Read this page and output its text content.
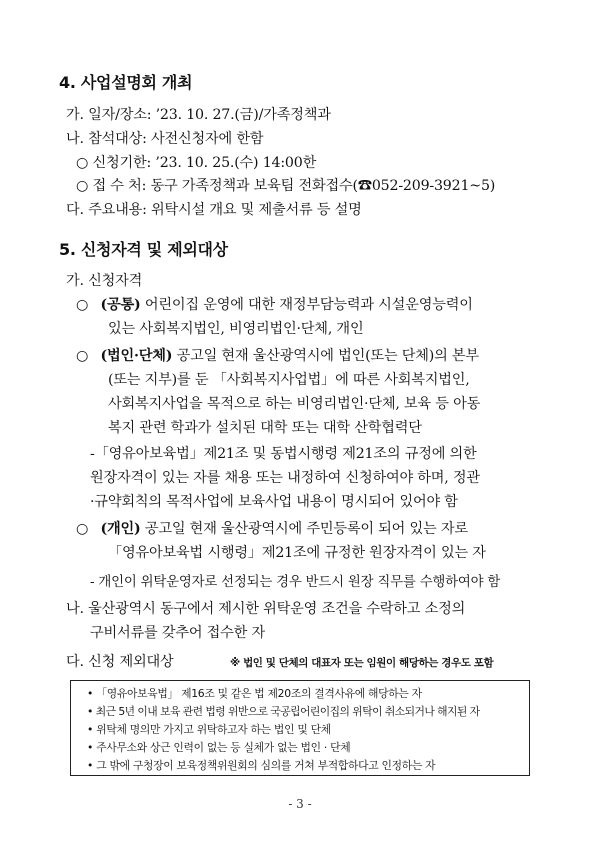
4. 사업설명회 개최
가. 일자/장소: ’23. 10. 27.(금)/가족정책과
나. 참석대상: 사전신청자에 한함
○ 신청기한: ’23. 10. 25.(수) 14:00한
○ 접 수 처: 동구 가족정책과 보육팀 전화접수(☎052-209-3921~5)
다. 주요내용: 위탁시설 개요 및 제출서류 등 설명
5. 신청자격 및 제외대상
가. 신청자격
○ (공통) 어린이집 운영에 대한 재정부담능력과 시설운영능력이
있는 사회복지법인, 비영리법인·단체, 개인
○ (법인·단체) 공고일 현재 울산광역시에 법인(또는 단체)의 본부
(또는 지부)를 둔 「사회복지사업법」에 따른 사회복지법인,
사회복지사업을 목적으로 하는 비영리법인·단체, 보육 등 아동
복지 관련 학과가 설치된 대학 또는 대학 산학협력단
-「영유아보육법」제21조 및 동법시행령 제21조의 규정에 의한
원장자격이 있는 자를 채용 또는 내정하여 신청하여야 하며, 정관
·규약회칙의 목적사업에 보육사업 내용이 명시되어 있어야 함
○ (개인) 공고일 현재 울산광역시에 주민등록이 되어 있는 자로
「영유아보육법 시행령」제21조에 규정한 원장자격이 있는 자
- 개인이 위탁운영자로 선정되는 경우 반드시 원장 직무를 수행하여야 함
나. 울산광역시 동구에서 제시한 위탁운영 조건을 수락하고 소정의
구비서류를 갖추어 접수한 자
다. 신청 제외대상	※ 법인 및 단체의 대표자 또는 임원이 해당하는 경우도 포함
• 「영유아보육법」 제16조 및 같은 법 제20조의 결격사유에 해당하는 자
• 최근 5년 이내 보육 관련 법령 위반으로 국공립어린이집의 위탁이 취소되거나 해지된 자
• 위탁체 명의만 가지고 위탁하고자 하는 법인 및 단체
• 주사무소와 상근 인력이 없는 등 실체가 없는 법인 · 단체
• 그 밖에 구청장이 보육정책위원회의 심의를 거쳐 부적합하다고 인정하는 자
- 3 -
